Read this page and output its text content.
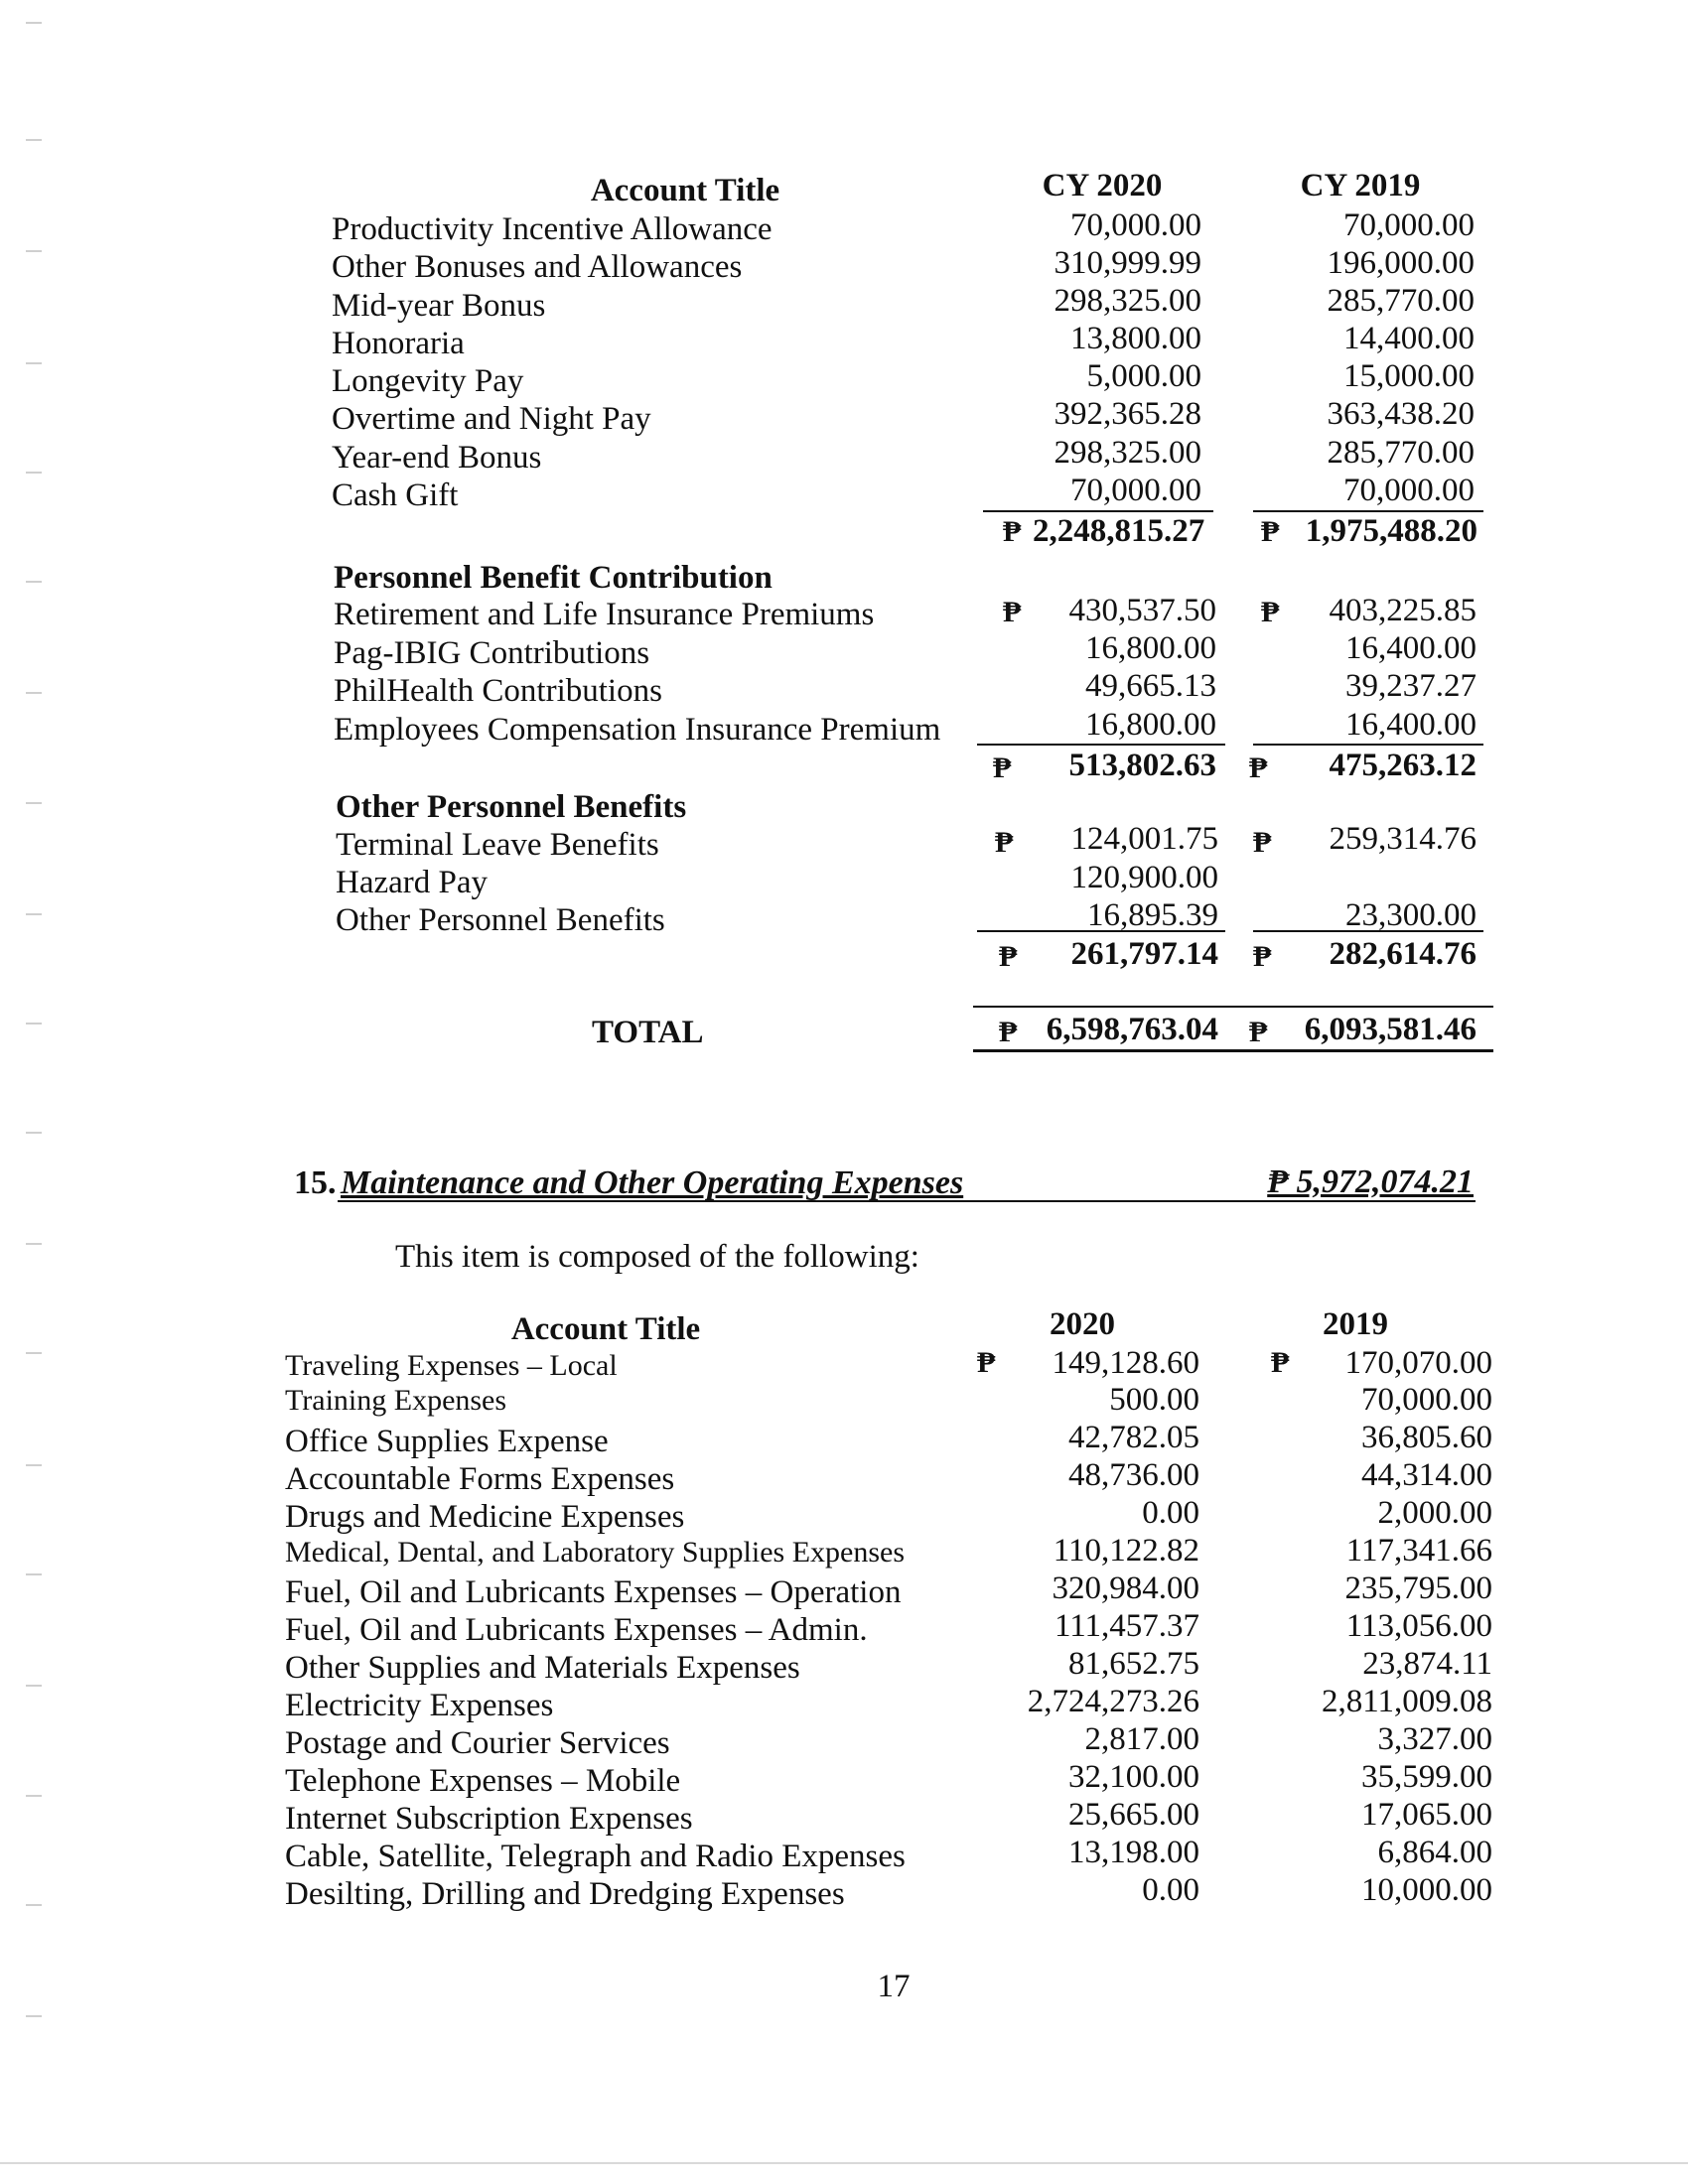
Account Title	CY 2020	CY 2019
Productivity Incentive Allowance	70,000.00	70,000.00
Other Bonuses and Allowances	310,999.99	196,000.00
Mid-year Bonus	298,325.00	285,770.00
Honoraria	13,800.00	14,400.00
Longevity Pay	5,000.00	15,000.00
Overtime and Night Pay	392,365.28	363,438.20
Year-end Bonus	298,325.00	285,770.00
Cash Gift	70,000.00	70,000.00
₱ 2,248,815.27 ₱ 1,975,488.20
Personnel Benefit Contribution
Retirement and Life Insurance Premiums	₱	430,537.50 ₱	403,225.85
Pag-IBIG Contributions	16,800.00	16,400.00
PhilHealth Contributions	49,665.13	39,237.27
Employees Compensation Insurance Premium	16,800.00	16,400.00
₱	513,802.63 ₱	475,263.12
Other Personnel Benefits
Terminal Leave Benefits	₱	124,001.75 ₱	259,314.76
Hazard Pay	120,900.00
Other Personnel Benefits	16,895.39	23,300.00
₱	261,797.14 ₱	282,614.76
TOTAL	₱ 6,598,763.04 ₱	6,093,581.46
15. Maintenance and Other Operating Expenses	₱ 5,972,074.21
This item is composed of the following:
Account Title	2020	2019
₱	₱
Traveling Expenses – Local	149,128.60	170,070.00
Training Expenses	500.00	70,000.00
Office Supplies Expense	42,782.05	36,805.60
Accountable Forms Expenses	48,736.00	44,314.00
Drugs and Medicine Expenses	0.00	2,000.00
Medical, Dental, and Laboratory Supplies Expenses	110,122.82	117,341.66
Fuel, Oil and Lubricants Expenses – Operation	320,984.00	235,795.00
Fuel, Oil and Lubricants Expenses – Admin.	111,457.37	113,056.00
Other Supplies and Materials Expenses	81,652.75	23,874.11
Electricity Expenses	2,724,273.26	2,811,009.08
Postage and Courier Services	2,817.00	3,327.00
Telephone Expenses – Mobile	32,100.00	35,599.00
Internet Subscription Expenses	25,665.00	17,065.00
Cable, Satellite, Telegraph and Radio Expenses	13,198.00	6,864.00
Desilting, Drilling and Dredging Expenses	0.00	10,000.00
17
